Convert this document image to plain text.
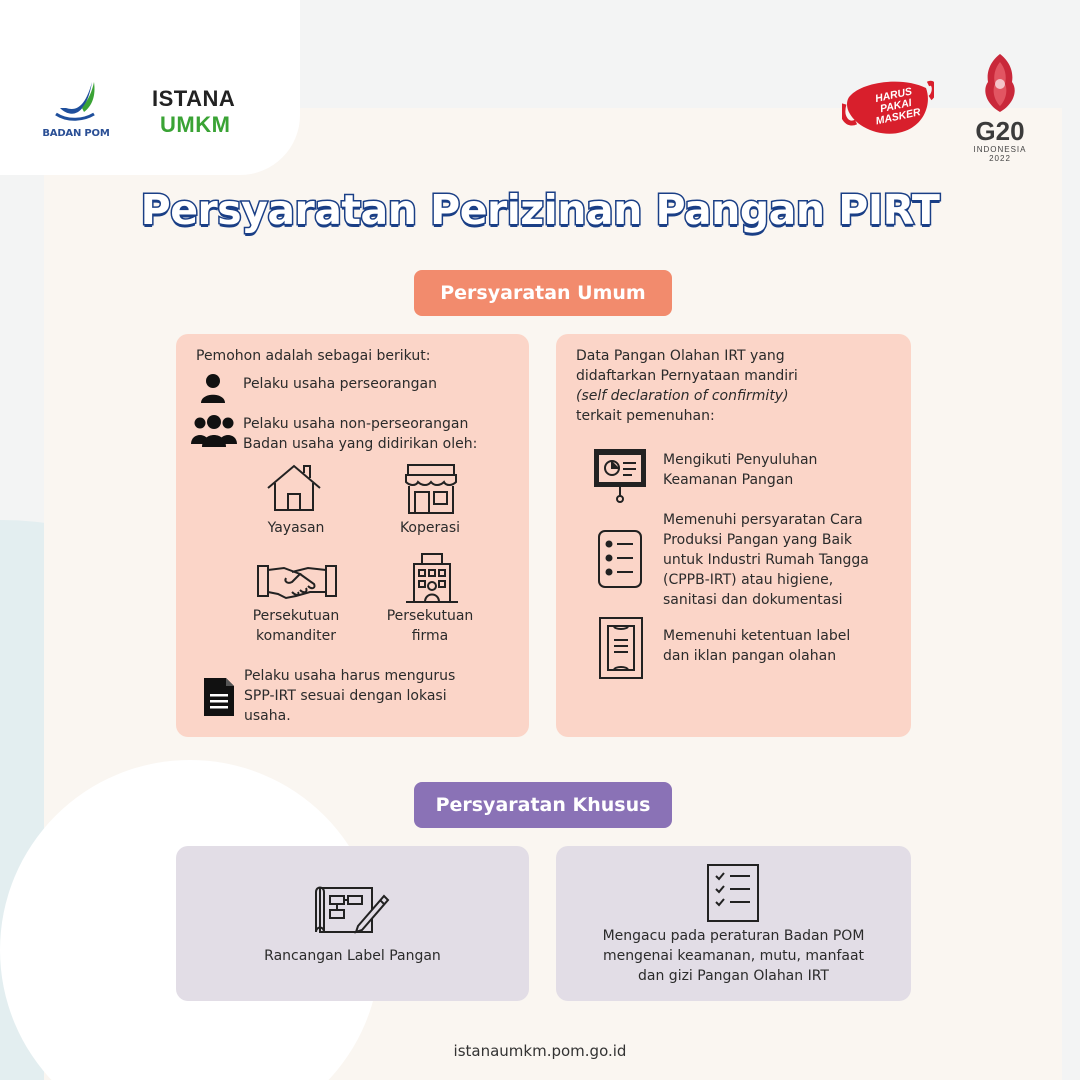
BADAN POM
ISTANA
UMKM
HARUS PAKAI MASKER	G20
INDONESIA
2022
Persyaratan Perizinan Pangan PIRT
Persyaratan Umum
Pemohon adalah sebagai berikut:
Pelaku usaha perseorangan
Pelaku usaha non-perseorangan
Badan usaha yang didirikan oleh:
Yayasan	Koperasi
Persekutuan
komanditer
Persekutuan
firma
Pelaku usaha harus mengurus
SPP-IRT sesuai dengan lokasi
usaha.
Data Pangan Olahan IRT yang
didaftarkan Pernyataan mandiri
(self declaration of confirmity)
terkait pemenuhan:
Mengikuti Penyuluhan
Keamanan Pangan
Memenuhi persyaratan Cara
Produksi Pangan yang Baik
untuk Industri Rumah Tangga
(CPPB-IRT) atau higiene,
sanitasi dan dokumentasi
Memenuhi ketentuan label
dan iklan pangan olahan
Persyaratan Khusus
Rancangan Label Pangan
Mengacu pada peraturan Badan POM
mengenai keamanan, mutu, manfaat
dan gizi Pangan Olahan IRT
istanaumkm.pom.go.id
